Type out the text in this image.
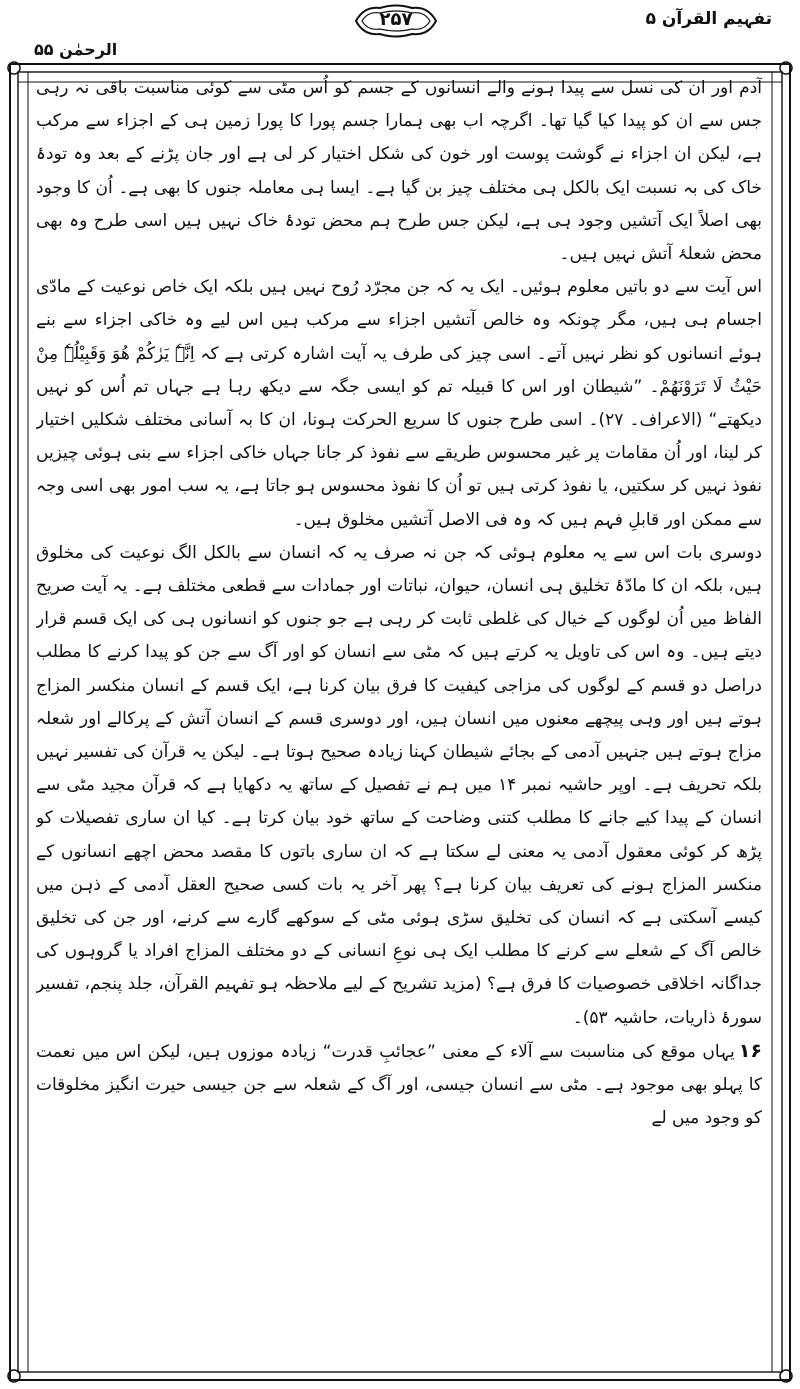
تفہیم القرآن ۵
۲۵۷
الرحمٰن ۵۵

آدم اور ان کی نسل سے پیدا ہونے والے انسانوں کے جسم کو اُس مٹی سے کوئی مناسبت باقی نہ رہی جس سے ان کو پیدا کیا گیا تھا۔ اگرچہ اب بھی ہمارا جسم پورا کا پورا زمین ہی کے اجزاء سے مرکب ہے، لیکن ان اجزاء نے گوشت پوست اور خون کی شکل اختیار کر لی ہے اور جان پڑنے کے بعد وہ تودۂ خاک کی بہ نسبت ایک بالکل ہی مختلف چیز بن گیا ہے۔ ایسا ہی معاملہ جنوں کا بھی ہے۔ اُن کا وجود بھی اصلاً ایک آتشیں وجود ہی ہے، لیکن جس طرح ہم محض تودۂ خاک نہیں ہیں اسی طرح وہ بھی محض شعلۂ آتش نہیں ہیں۔

اس آیت سے دو باتیں معلوم ہوئیں۔ ایک یہ کہ جن مجرّد رُوح نہیں ہیں بلکہ ایک خاص نوعیت کے مادّی اجسام ہی ہیں، مگر چونکہ وہ خالص آتشیں اجزاء سے مرکب ہیں اس لیے وہ خاکی اجزاء سے بنے ہوئے انسانوں کو نظر نہیں آتے۔ اسی چیز کی طرف یہ آیت اشارہ کرتی ہے کہ اِنَّہٗ یَرٰکُمْ ھُوَ وَقَبِیْلُہٗ مِنْ حَیْثُ لَا تَرَوْنَھُمْ۔ ”شیطان اور اس کا قبیلہ تم کو ایسی جگہ سے دیکھ رہا ہے جہاں تم اُس کو نہیں دیکھتے“ (الاعراف۔ ۲۷)۔ اسی طرح جنوں کا سریع الحرکت ہونا، ان کا بہ آسانی مختلف شکلیں اختیار کر لینا، اور اُن مقامات پر غیر محسوس طریقے سے نفوذ کر جانا جہاں خاکی اجزاء سے بنی ہوئی چیزیں نفوذ نہیں کر سکتیں، یا نفوذ کرتی ہیں تو اُن کا نفوذ محسوس ہو جاتا ہے، یہ سب امور بھی اسی وجہ سے ممکن اور قابلِ فہم ہیں کہ وہ فی الاصل آتشیں مخلوق ہیں۔

دوسری بات اس سے یہ معلوم ہوئی کہ جن نہ صرف یہ کہ انسان سے بالکل الگ نوعیت کی مخلوق ہیں، بلکہ ان کا مادّۂ تخلیق ہی انسان، حیوان، نباتات اور جمادات سے قطعی مختلف ہے۔ یہ آیت صریح الفاظ میں اُن لوگوں کے خیال کی غلطی ثابت کر رہی ہے جو جنوں کو انسانوں ہی کی ایک قسم قرار دیتے ہیں۔ وہ اس کی تاویل یہ کرتے ہیں کہ مٹی سے انسان کو اور آگ سے جن کو پیدا کرنے کا مطلب دراصل دو قسم کے لوگوں کی مزاجی کیفیت کا فرق بیان کرنا ہے، ایک قسم کے انسان منکسر المزاج ہوتے ہیں اور وہی پیچھے معنوں میں انسان ہیں، اور دوسری قسم کے انسان آتش کے پرکالے اور شعلہ مزاج ہوتے ہیں جنہیں آدمی کے بجائے شیطان کہنا زیادہ صحیح ہوتا ہے۔ لیکن یہ قرآن کی تفسیر نہیں بلکہ تحریف ہے۔ اوپر حاشیہ نمبر ۱۴ میں ہم نے تفصیل کے ساتھ یہ دکھایا ہے کہ قرآن مجید مٹی سے انسان کے پیدا کیے جانے کا مطلب کتنی وضاحت کے ساتھ خود بیان کرتا ہے۔ کیا ان ساری تفصیلات کو پڑھ کر کوئی معقول آدمی یہ معنی لے سکتا ہے کہ ان ساری باتوں کا مقصد محض اچھے انسانوں کے منکسر المزاج ہونے کی تعریف بیان کرنا ہے؟ پھر آخر یہ بات کسی صحیح العقل آدمی کے ذہن میں کیسے آسکتی ہے کہ انسان کی تخلیق سڑی ہوئی مٹی کے سوکھے گارے سے کرنے، اور جن کی تخلیق خالص آگ کے شعلے سے کرنے کا مطلب ایک ہی نوعِ انسانی کے دو مختلف المزاج افراد یا گروہوں کی جداگانہ اخلاقی خصوصیات کا فرق ہے؟ (مزید تشریح کے لیے ملاحظہ ہو تفہیم القرآن، جلد پنجم، تفسیر سورۂ ذاریات، حاشیہ ۵۳)۔

۱۶یہاں موقع کی مناسبت سے آلاء کے معنی ”عجائبِ قدرت“ زیادہ موزوں ہیں، لیکن اس میں نعمت کا پہلو بھی موجود ہے۔ مٹی سے انسان جیسی، اور آگ کے شعلہ سے جن جیسی حیرت انگیز مخلوقات کو وجود میں لے
